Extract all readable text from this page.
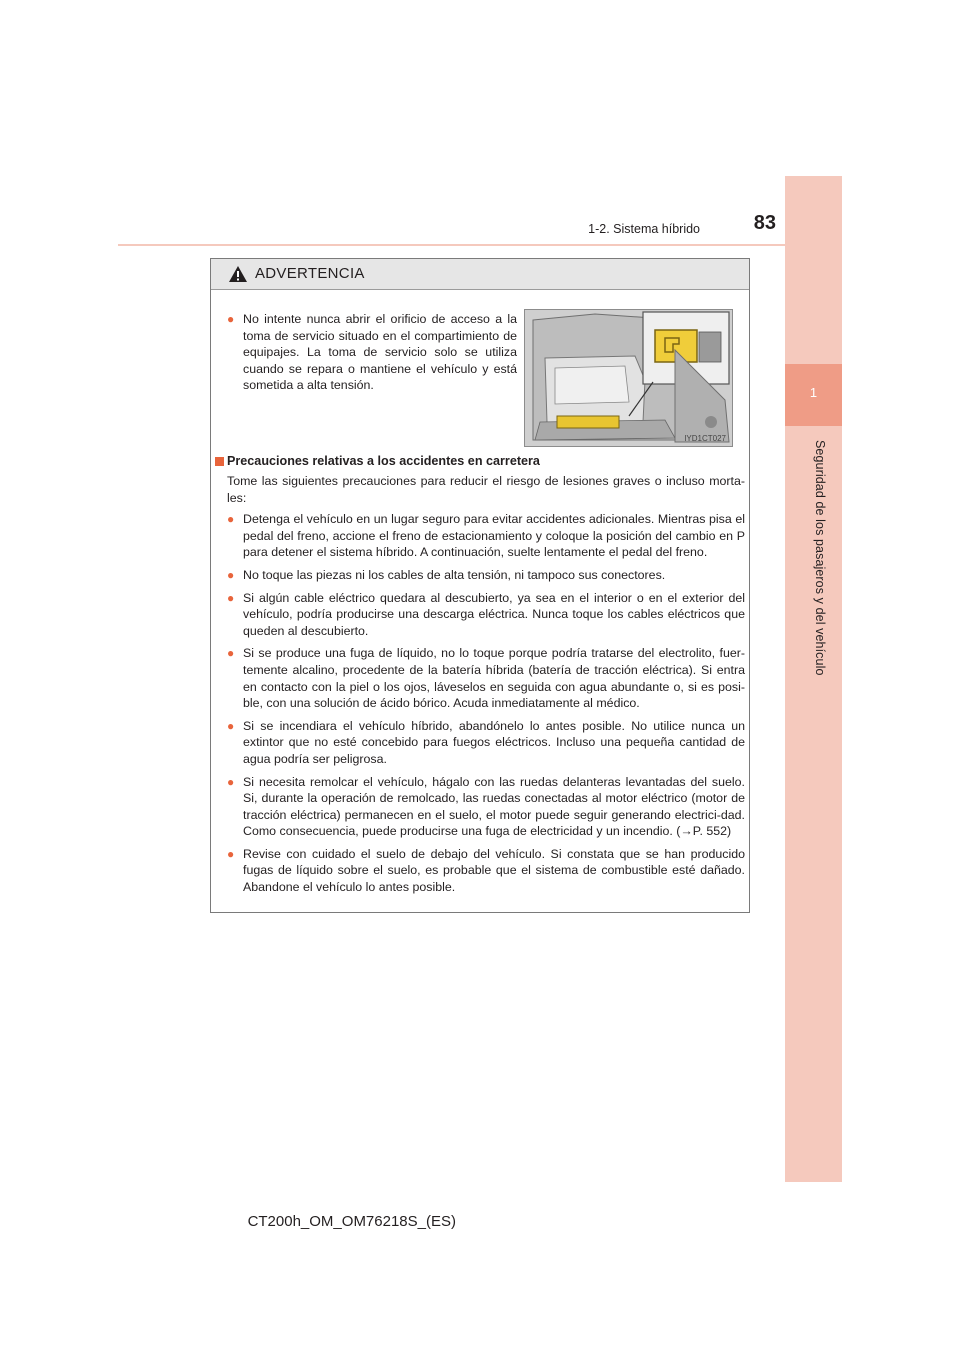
1
Seguridad de los pasajeros y del vehículo
1-2. Sistema híbrido	83
ADVERTENCIA
● No intente nunca abrir el orificio de acceso a la toma de servicio situado en el compartimiento de equipajes. La toma de servicio solo se utiliza cuando se repara o mantiene el vehículo y está sometida a alta tensión.
IYD1CT027
Precauciones relativas a los accidentes en carretera
Tome las siguientes precauciones para reducir el riesgo de lesiones graves o incluso morta-les:
● Detenga el vehículo en un lugar seguro para evitar accidentes adicionales. Mientras pisa el pedal del freno, accione el freno de estacionamiento y coloque la posición del cambio en P para detener el sistema híbrido. A continuación, suelte lentamente el pedal del freno.
● No toque las piezas ni los cables de alta tensión, ni tampoco sus conectores.
● Si algún cable eléctrico quedara al descubierto, ya sea en el interior o en el exterior del vehículo, podría producirse una descarga eléctrica. Nunca toque los cables eléctricos que queden al descubierto.
● Si se produce una fuga de líquido, no lo toque porque podría tratarse del electrolito, fuer-temente alcalino, procedente de la batería híbrida (batería de tracción eléctrica). Si entra en contacto con la piel o los ojos, láveselos en seguida con agua abundante o, si es posi-ble, con una solución de ácido bórico. Acuda inmediatamente al médico.
● Si se incendiara el vehículo híbrido, abandónelo lo antes posible. No utilice nunca un extintor que no esté concebido para fuegos eléctricos. Incluso una pequeña cantidad de agua podría ser peligrosa.
● Si necesita remolcar el vehículo, hágalo con las ruedas delanteras levantadas del suelo. Si, durante la operación de remolcado, las ruedas conectadas al motor eléctrico (motor de tracción eléctrica) permanecen en el suelo, el motor puede seguir generando electrici-dad. Como consecuencia, puede producirse una fuga de electricidad y un incendio. (→P. 552)
● Revise con cuidado el suelo de debajo del vehículo. Si constata que se han producido fugas de líquido sobre el suelo, es probable que el sistema de combustible esté dañado. Abandone el vehículo lo antes posible.
CT200h_OM_OM76218S_(ES)
